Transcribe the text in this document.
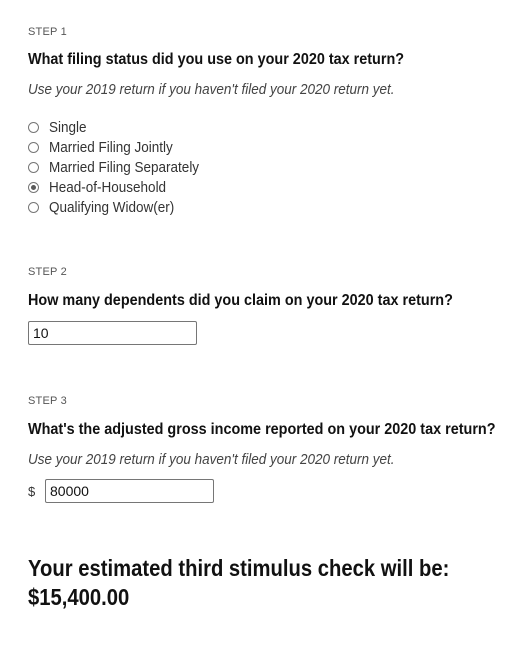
STEP 1
What filing status did you use on your 2020 tax return?
Use your 2019 return if you haven't filed your 2020 return yet.
Single
Married Filing Jointly
Married Filing Separately
Head-of-Household
Qualifying Widow(er)
STEP 2
How many dependents did you claim on your 2020 tax return?
10
STEP 3
What's the adjusted gross income reported on your 2020 tax return?
Use your 2019 return if you haven't filed your 2020 return yet.
$	80000
Your estimated third stimulus check will be:
$15,400.00
